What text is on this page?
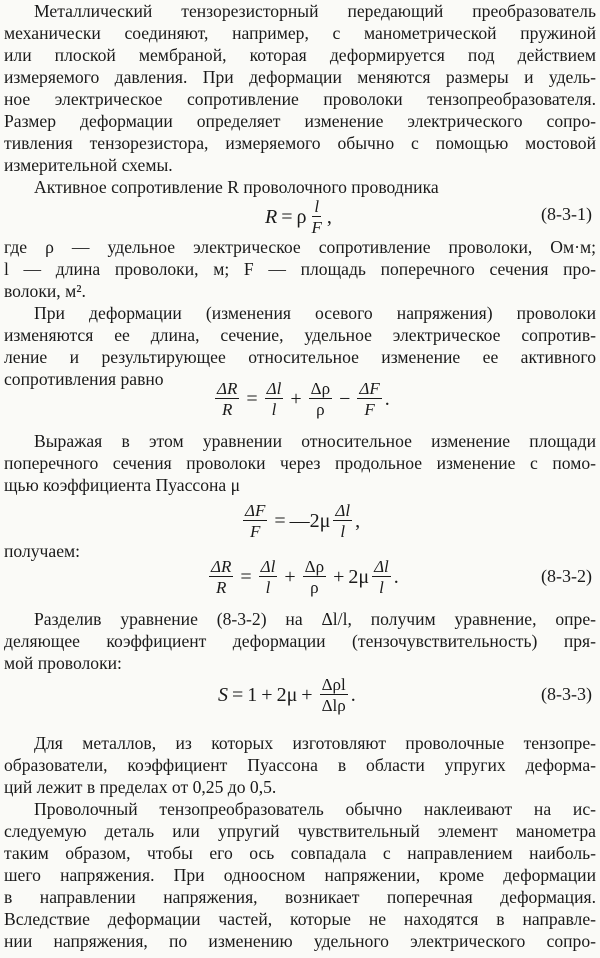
Металлический тензорезисторный передающий преобразователь
механически соединяют, например, с манометрической пружиной
или плоской мембраной, которая деформируется под действием
измеряемого давления. При деформации меняются размеры и удель-
ное электрическое сопротивление проволоки тензопреобразователя.
Размер деформации определяет изменение электрического сопро-
тивления тензорезистора, измеряемого обычно с помощью мостовой
измерительной схемы.
Активное сопротивление R проволочного проводника
R = ρ $\frac{l}{F}$ ,	(8-3-1)
где ρ — удельное электрическое сопротивление проволоки, Ом·м;
l — длина проволоки, м; F — площадь поперечного сечения про-
волоки, м².
При деформации (изменения осевого напряжения) проволоки
изменяются ее длина, сечение, удельное электрическое сопротив-
ление и результирующее относительное изменение ее активного
сопротивления равно
$\frac{\Delta R}{R} = \frac{\Delta l}{l} + \frac{\Delta\rho}{\rho} - \frac{\Delta F}{F}$ .
Выражая в этом уравнении относительное изменение площади
поперечного сечения проволоки через продольное изменение с помо-
щью коэффициента Пуассона μ
$\frac{\Delta F}{F}$ = —2μ $\frac{\Delta l}{l}$ ,
получаем:
$\frac{\Delta R}{R} = \frac{\Delta l}{l} + \frac{\Delta\rho}{\rho} + 2\mu \frac{\Delta l}{l}$ .	(8-3-2)
Разделив уравнение (8-3-2) на Δl/l, получим уравнение, опре-
деляющее коэффициент деформации (тензочувствительность) пря-
мой проволоки:
$S = 1 + 2\mu + \frac{\text{Δρl}}{\text{Δlρ}}$ .	(8-3-3)
Для металлов, из которых изготовляют проволочные тензопре-
образователи, коэффициент Пуассона в области упругих деформа-
ций лежит в пределах от 0,25 до 0,5.
Проволочный тензопреобразователь обычно наклеивают на ис-
следуемую деталь или упругий чувствительный элемент манометра
таким образом, чтобы его ось совпадала с направлением наиболь-
шего напряжения. При одноосном напряжении, кроме деформации
в направлении напряжения, возникает поперечная деформация.
Вследствие деформации частей, которые не находятся в направле-
нии напряжения, по изменению удельного электрического сопро-
